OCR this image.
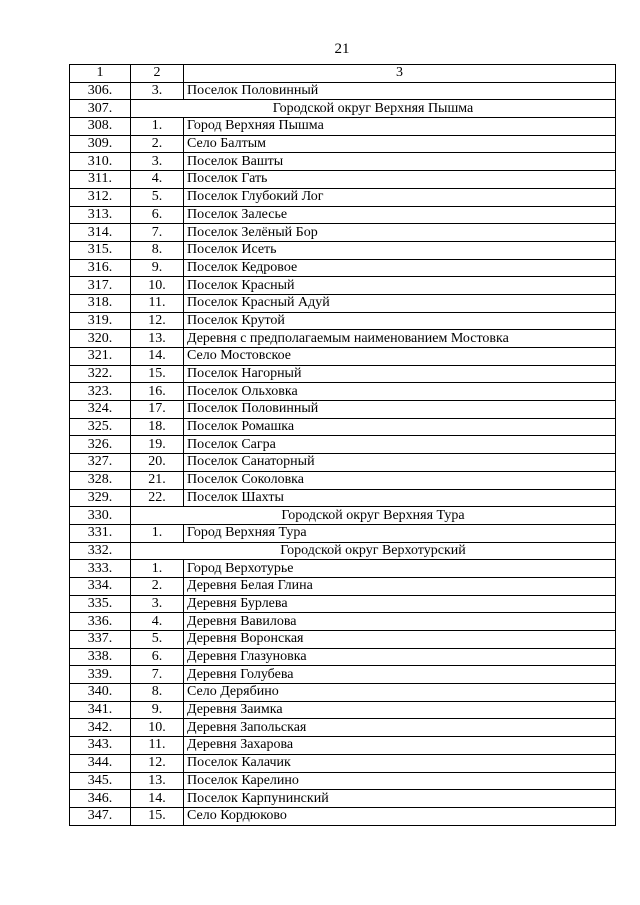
21
1	2	3
306.	3.	Поселок Половинный
307.	Городской округ Верхняя Пышма	
308.	1.	Город Верхняя Пышма
309.	2.	Село Балтым
310.	3.	Поселок Вашты
311.	4.	Поселок Гать
312.	5.	Поселок Глубокий Лог
313.	6.	Поселок Залесье
314.	7.	Поселок Зелёный Бор
315.	8.	Поселок Исеть
316.	9.	Поселок Кедровое
317.	10.	Поселок Красный
318.	11.	Поселок Красный Адуй
319.	12.	Поселок Крутой
320.	13.	Деревня с предполагаемым наименованием Мостовка
321.	14.	Село Мостовское
322.	15.	Поселок Нагорный
323.	16.	Поселок Ольховка
324.	17.	Поселок Половинный
325.	18.	Поселок Ромашка
326.	19.	Поселок Сагра
327.	20.	Поселок Санаторный
328.	21.	Поселок Соколовка
329.	22.	Поселок Шахты
330.	Городской округ Верхняя Тура	
331.	1.	Город Верхняя Тура
332.	Городской округ Верхотурский	
333.	1.	Город Верхотурье
334.	2.	Деревня Белая Глина
335.	3.	Деревня Бурлева
336.	4.	Деревня Вавилова
337.	5.	Деревня Воронская
338.	6.	Деревня Глазуновка
339.	7.	Деревня Голубева
340.	8.	Село Дерябино
341.	9.	Деревня Заимка
342.	10.	Деревня Запольская
343.	11.	Деревня Захарова
344.	12.	Поселок Калачик
345.	13.	Поселок Карелино
346.	14.	Поселок Карпунинский
347.	15.	Село Кордюково
